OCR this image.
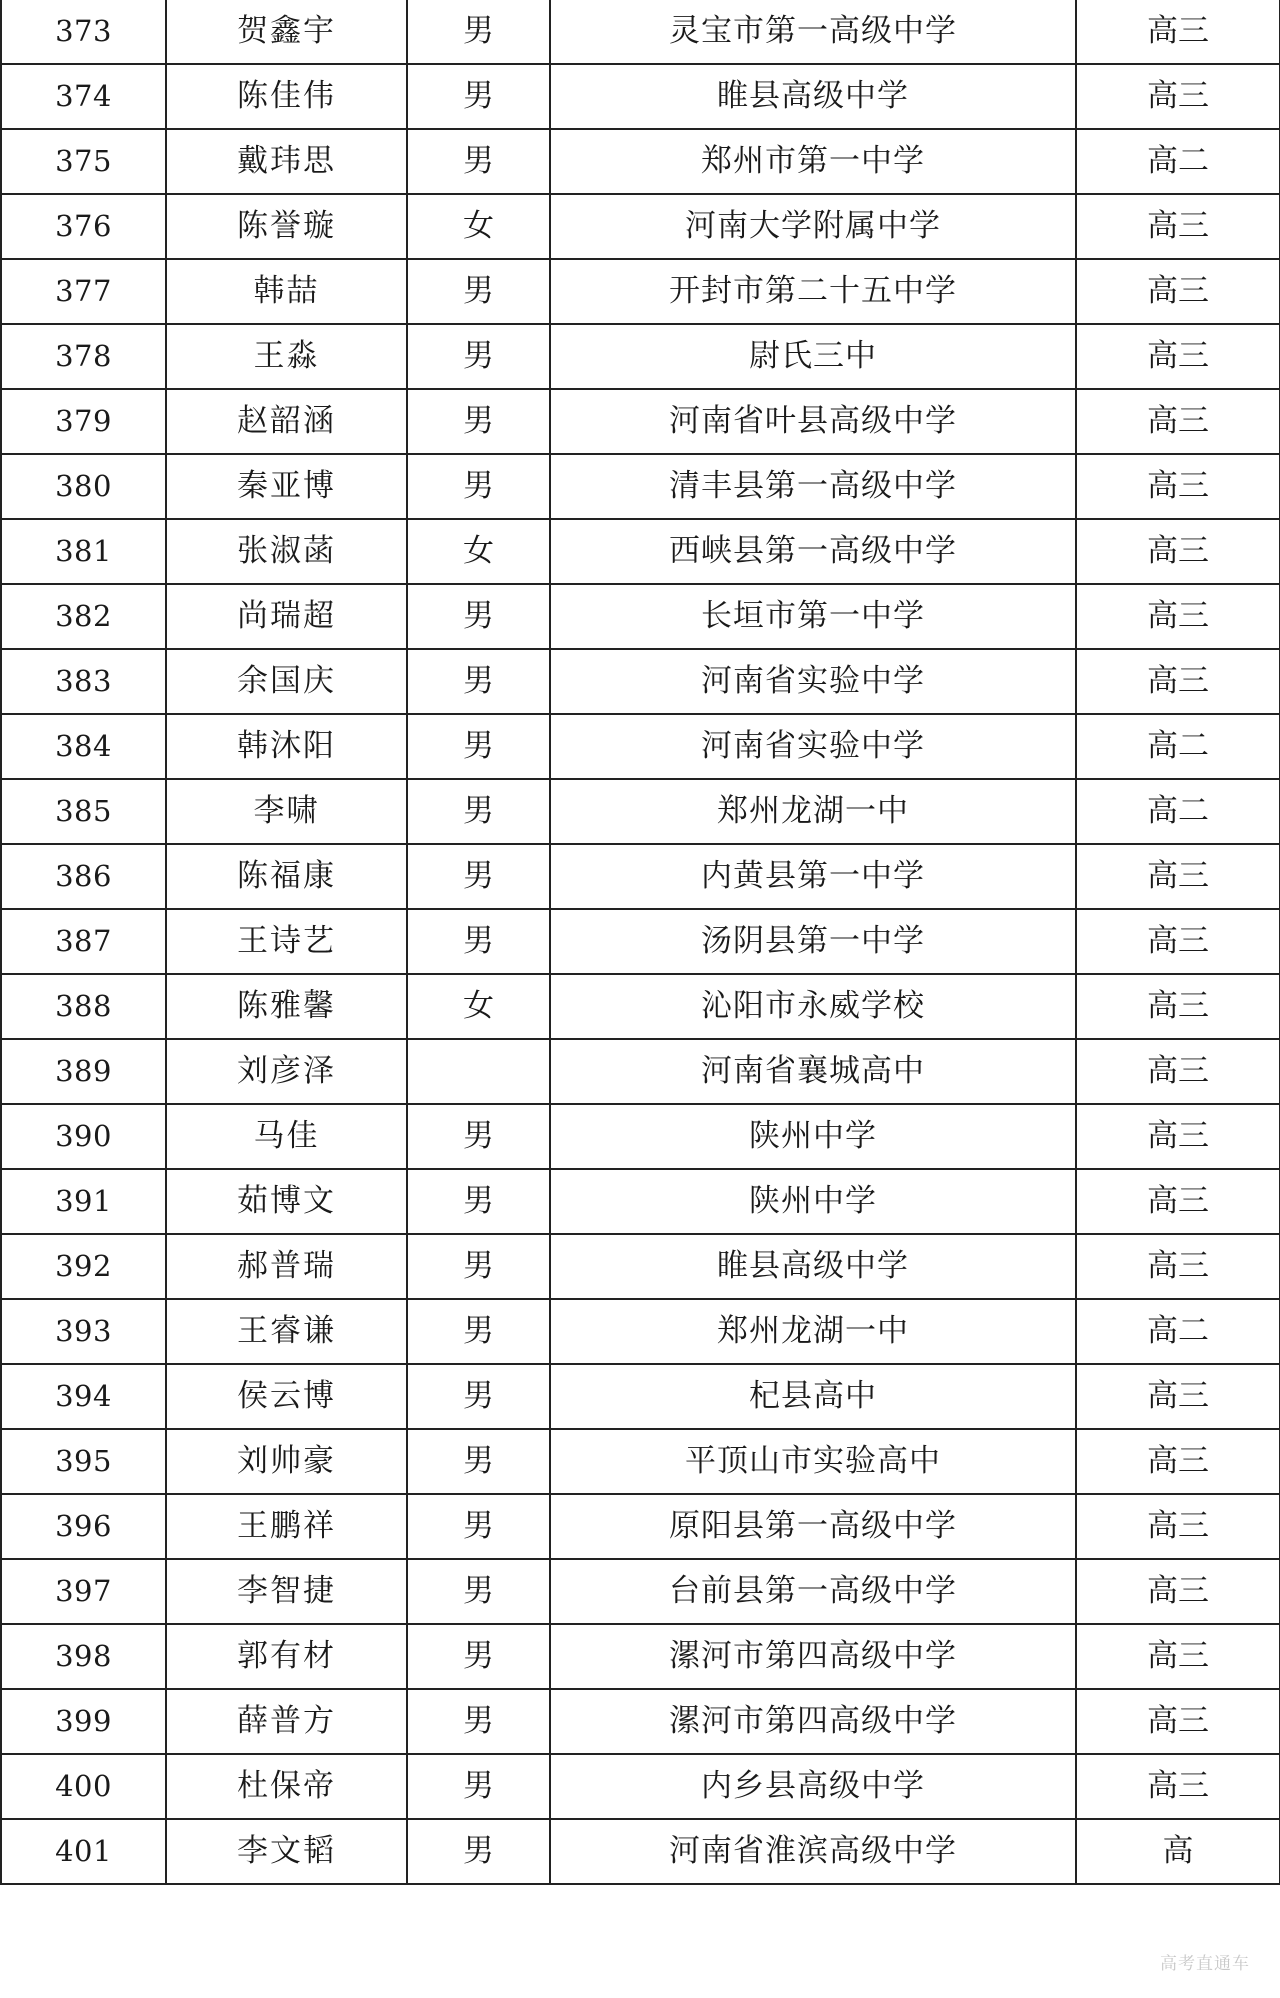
373	贺鑫宇	男	灵宝市第一高级中学	高三
374	陈佳伟	男	睢县高级中学	高三
375	戴玮思	男	郑州市第一中学	高二
376	陈誉璇	女	河南大学附属中学	高三
377	韩喆	男	开封市第二十五中学	高三
378	王淼	男	尉氏三中	高三
379	赵韶涵	男	河南省叶县高级中学	高三
380	秦亚博	男	清丰县第一高级中学	高三
381	张淑菡	女	西峡县第一高级中学	高三
382	尚瑞超	男	长垣市第一中学	高三
383	余国庆	男	河南省实验中学	高三
384	韩沐阳	男	河南省实验中学	高二
385	李啸	男	郑州龙湖一中	高二
386	陈福康	男	内黄县第一中学	高三
387	王诗艺	男	汤阴县第一中学	高三
388	陈雅馨	女	沁阳市永威学校	高三
389	刘彦泽		河南省襄城高中	高三
390	马佳	男	陕州中学	高三
391	茹博文	男	陕州中学	高三
392	郝普瑞	男	睢县高级中学	高三
393	王睿谦	男	郑州龙湖一中	高二
394	侯云博	男	杞县高中	高三
395	刘帅豪	男	平顶山市实验高中	高三
396	王鹏祥	男	原阳县第一高级中学	高三
397	李智捷	男	台前县第一高级中学	高三
398	郭有材	男	漯河市第四高级中学	高三
399	薛普方	男	漯河市第四高级中学	高三
400	杜保帝	男	内乡县高级中学	高三
401	李文韬	男	河南省淮滨高级中学	高
高考直通车
